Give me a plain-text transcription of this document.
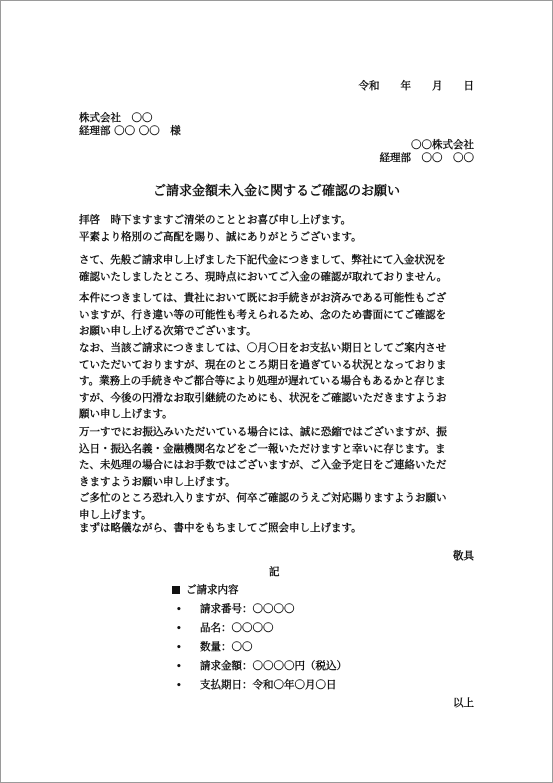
令和　　年　　月　　日

株式会社　〇〇

経理部 〇〇 〇〇　様

〇〇株式会社

経理部　〇〇　〇〇

ご請求金額未入金に関するご確認のお願い
拝啓　時下ますますご清栄のこととお喜び申し上げます。
平素より格別のご高配を賜り、誠にありがとうございます。
さて、先般ご請求申し上げました下記代金につきまして、弊社にて入金状況を
確認いたしましたところ、現時点においてご入金の確認が取れておりません。
本件につきましては、貴社において既にお手続きがお済みである可能性もござ
いますが、行き違い等の可能性も考えられるため、念のため書面にてご確認を
お願い申し上げる次第でございます。
なお、当該ご請求につきましては、〇月〇日をお支払い期日としてご案内させ
ていただいておりますが、現在のところ期日を過ぎている状況となっておりま
す。業務上の手続きやご都合等により処理が遅れている場合もあるかと存じま
すが、今後の円滑なお取引継続のためにも、状況をご確認いただきますようお
願い申し上げます。
万一すでにお振込みいただいている場合には、誠に恐縮ではございますが、振
込日・振込名義・金融機関名などをご一報いただけますと幸いに存じます。ま
た、未処理の場合にはお手数ではございますが、ご入金予定日をご連絡いただ
きますようお願い申し上げます。
ご多忙のところ恐れ入りますが、何卒ご確認のうえご対応賜りますようお願い
申し上げます。
まずは略儀ながら、書中をもちましてご照会申し上げます。

敬具

記

ご請求内容

• 請求番号：〇〇〇〇
• 品名：〇〇〇〇
• 数量：〇〇
• 請求金額：〇〇〇〇円（税込）
• 支払期日：令和〇年〇月〇日

以上
